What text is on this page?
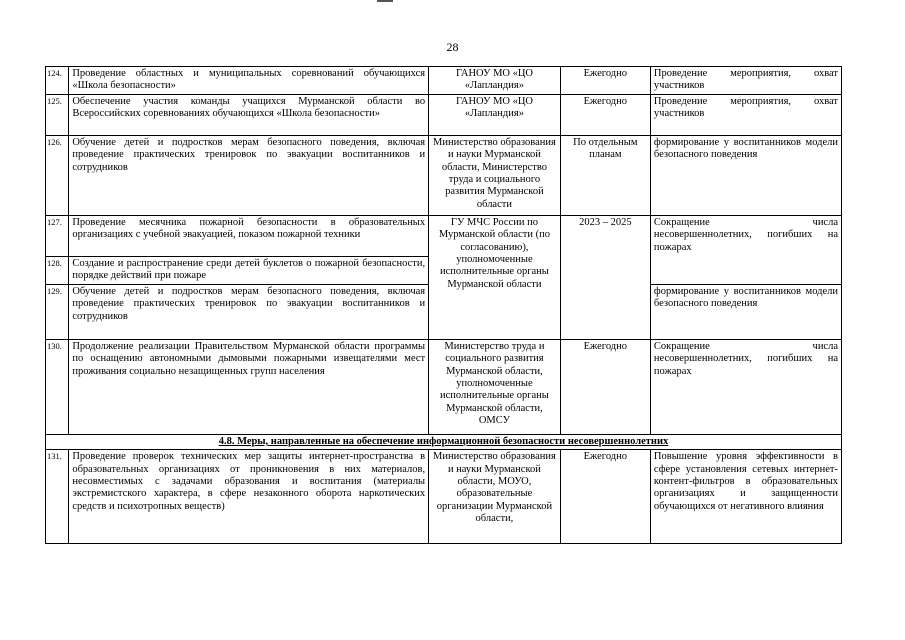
28
124.	Проведение областных и муниципальных соревнований обучающихся «Школа безопасности»	ГАНОУ МО «ЦО «Лапландия»	Ежегодно	Проведение мероприятия, охват участников
125.	Обеспечение участия команды учащихся Мурманской области во Всероссийских соревнованиях обучающихся «Школа безопасности»	ГАНОУ МО «ЦО «Лапландия»	Ежегодно	Проведение мероприятия, охват участников
126.	Обучение детей и подростков мерам безопасного поведения, включая проведение практических тренировок по эвакуации воспитанников и сотрудников	Министерство образования и науки Мурманской области, Министерство труда и социального развития Мурманской области	По отдельным планам	формирование у воспитанников модели безопасного поведения
127.	Проведение месячника пожарной безопасности в образовательных организациях с учебной эвакуацией, показом пожарной техники	ГУ МЧС России по Мурманской области (по согласованию), уполномоченные исполнительные органы Мурманской области	2023 – 2025	Сокращение числа несовершеннолетних, погибших на пожарах
128.	Создание и распространение среди детей буклетов о пожарной безопасности, порядке действий при пожаре			
129.	Обучение детей и подростков мерам безопасного поведения, включая проведение практических тренировок по эвакуации воспитанников и сотрудников			формирование у воспитанников модели безопасного поведения
130.	Продолжение реализации Правительством Мурманской области программы по оснащению автономными дымовыми пожарными извещателями мест проживания социально незащищенных групп населения	Министерство труда и социального развития Мурманской области, уполномоченные исполнительные органы Мурманской области, ОМСУ	Ежегодно	Сокращение числа несовершеннолетних, погибших на пожарах
4.8. Меры, направленные на обеспечение информационной безопасности несовершеннолетних				
131.	Проведение проверок технических мер защиты интернет-пространства в образовательных организациях от проникновения в них материалов, несовместимых с задачами образования и воспитания (материалы экстремистского характера, в сфере незаконного оборота наркотических средств и психотропных веществ)	Министерство образования и науки Мурманской области, МОУО, образовательные организации Мурманской области,	Ежегодно	Повышение уровня эффективности в сфере установления сетевых интернет-контент-фильтров в образовательных организациях и защищенности обучающихся от негативного влияния
